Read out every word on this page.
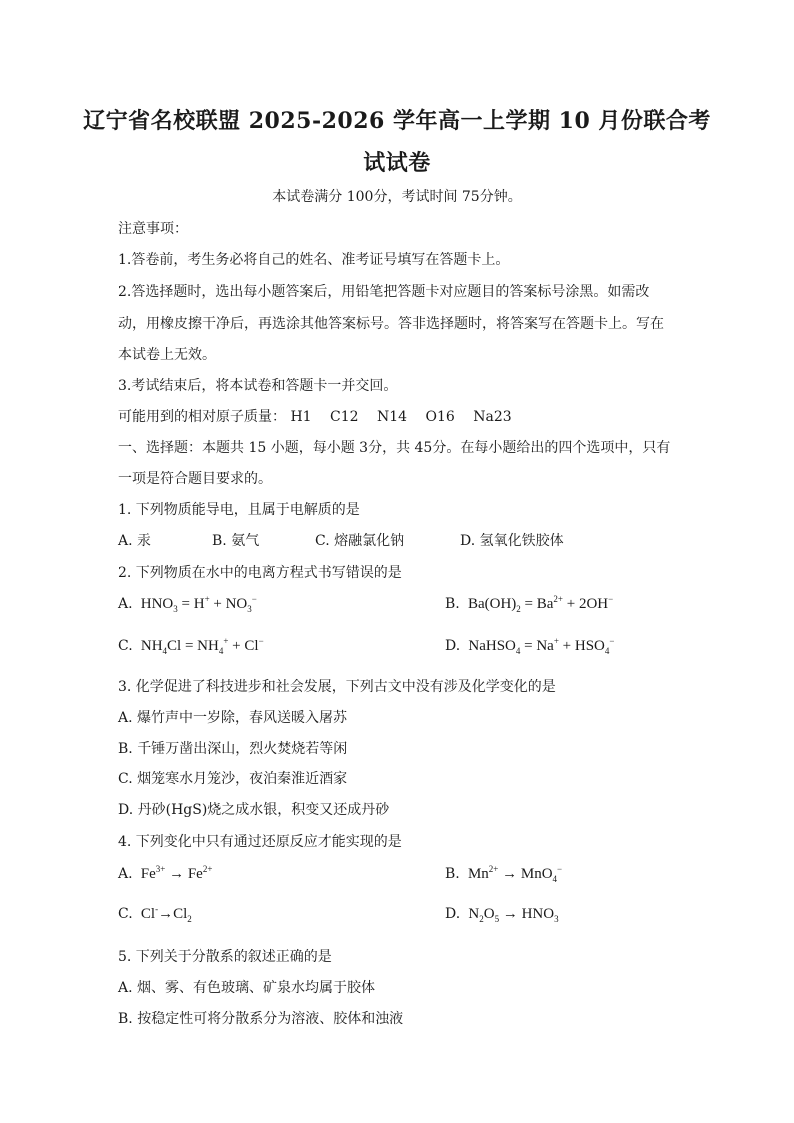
辽宁省名校联盟 2025-2026 学年高一上学期 10 月份联合考
试试卷
本试卷满分 100分，考试时间 75分钟。
注意事项：
1.答卷前，考生务必将自己的姓名、准考证号填写在答题卡上。
2.答选择题时，选出每小题答案后，用铅笔把答题卡对应题目的答案标号涂黑。如需改
动，用橡皮擦干净后，再选涂其他答案标号。答非选择题时，将答案写在答题卡上。写在
本试卷上无效。
3.考试结束后，将本试卷和答题卡一并交回。
可能用到的相对原子质量： H1 C12 N14 O16 Na23
一、选择题：本题共 15 小题，每小题 3分，共 45分。在每小题给出的四个选项中，只有
一项是符合题目要求的。
1. 下列物质能导电，且属于电解质的是
A. 汞	B. 氨气	C. 熔融氯化钠	D. 氢氧化铁胶体
2. 下列物质在水中的电离方程式书写错误的是
A.  $HNO_3 = H^+ + NO_3^-$	B.  $Ba(OH)_2 = Ba^{2+} + 2OH^-$
C.  $NH_4Cl = NH_4^+ + Cl^-$	D.  NaHSO$_4$ = $Na^+ + HSO_4^-$
3. 化学促进了科技进步和社会发展，下列古文中没有涉及化学变化的是
A. 爆竹声中一岁除，春风送暖入屠苏
B. 千锤万凿出深山，烈火焚烧若等闲
C. 烟笼寒水月笼沙，夜泊秦淮近酒家
D. 丹砂(HgS)烧之成水银，积变又还成丹砂
4. 下列变化中只有通过还原反应才能实现的是
A.  $Fe^{3+} \to Fe^{2+}$	B.  $Mn^{2+} \to MnO_4^-$
C.  $Cl^-\to Cl_2$	D.  $N_2O_5 \to HNO_3$
5. 下列关于分散系的叙述正确的是
A. 烟、雾、有色玻璃、矿泉水均属于胶体
B. 按稳定性可将分散系分为溶液、胶体和浊液
